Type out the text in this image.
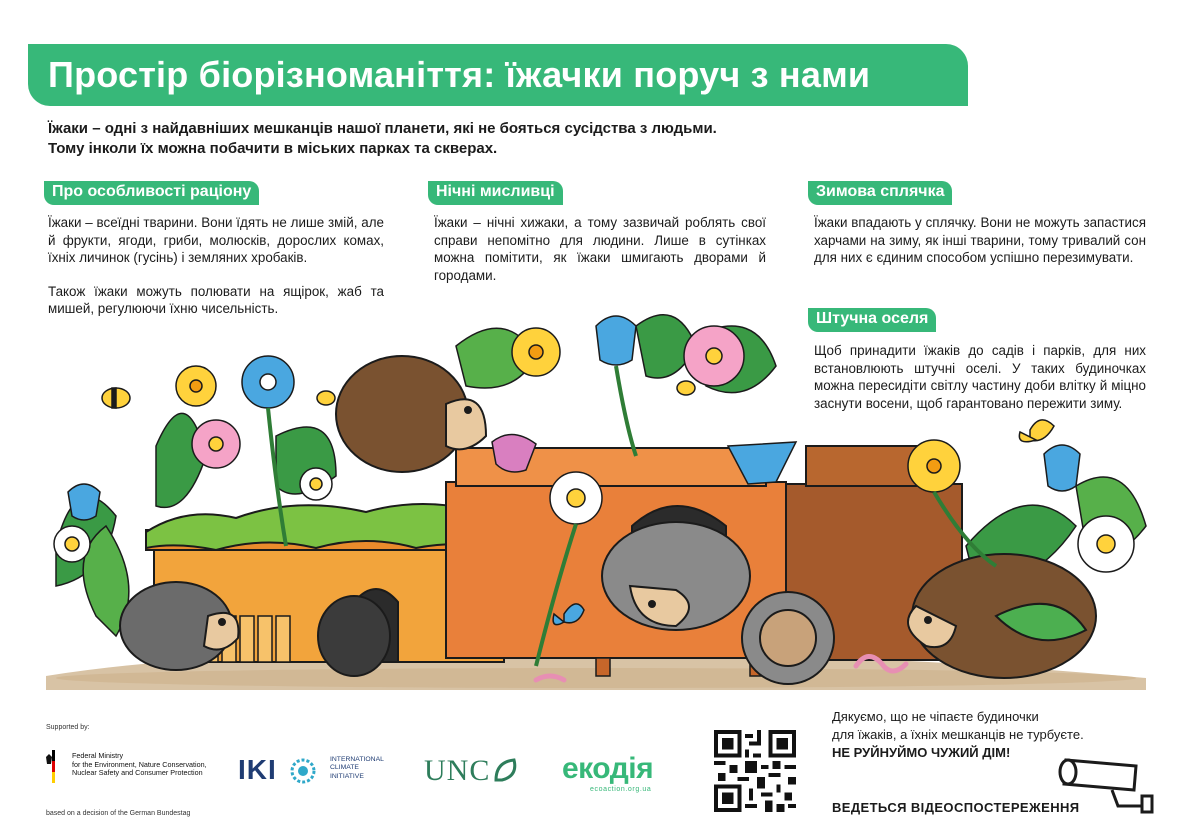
Простір біорізноманіття: їжачки поруч з нами
Їжаки – одні з найдавніших мешканців нашої планети, які не бояться сусідства з людьми.
Тому інколи їх можна побачити в міських парках та скверах.
Про особливості раціону

Їжаки – всеїдні тварини. Вони їдять не лише змій, але й фрукти, ягоди, гриби, молюсків, дорослих комах, їхніх личинок (гусінь) і земляних хробаків.

Також їжаки можуть полювати на ящірок, жаб та мишей, регулюючи їхню чисельність.

Нічні мисливці

Їжаки – нічні хижаки, а тому зазвичай роблять свої справи непомітно для людини. Лише в сутінках можна помітити, як їжаки шмигають дворами й городами.

Зимова сплячка

Їжаки впадають у сплячку. Вони не можуть запастися харчами на зиму, як інші тварини, тому тривалий сон для них є єдиним способом успішно перезимувати.

Штучна оселя

Щоб принадити їжаків до садів і парків, для них встановлюють штучні оселі. У таких будиночках можна пересидіти світлу частину доби влітку й міцно заснути восени, щоб гарантовано пережити зиму.

Supported by:
Federal Ministry
for the Environment, Nature Conservation,
Nuclear Safety and Consumer Protection
based on a decision of the German Bundestag
IKI	INTERNATIONAL
CLIMATE
INITIATIVE	UNC екодія
ecoaction.org.ua
Дякуємо, що не чіпаєте будиночки
для їжаків, а їхніх мешканців не турбуєте.
НЕ РУЙНУЙМО ЧУЖИЙ ДІМ!
ВЕДЕТЬСЯ ВІДЕОСПОСТЕРЕЖЕННЯ
